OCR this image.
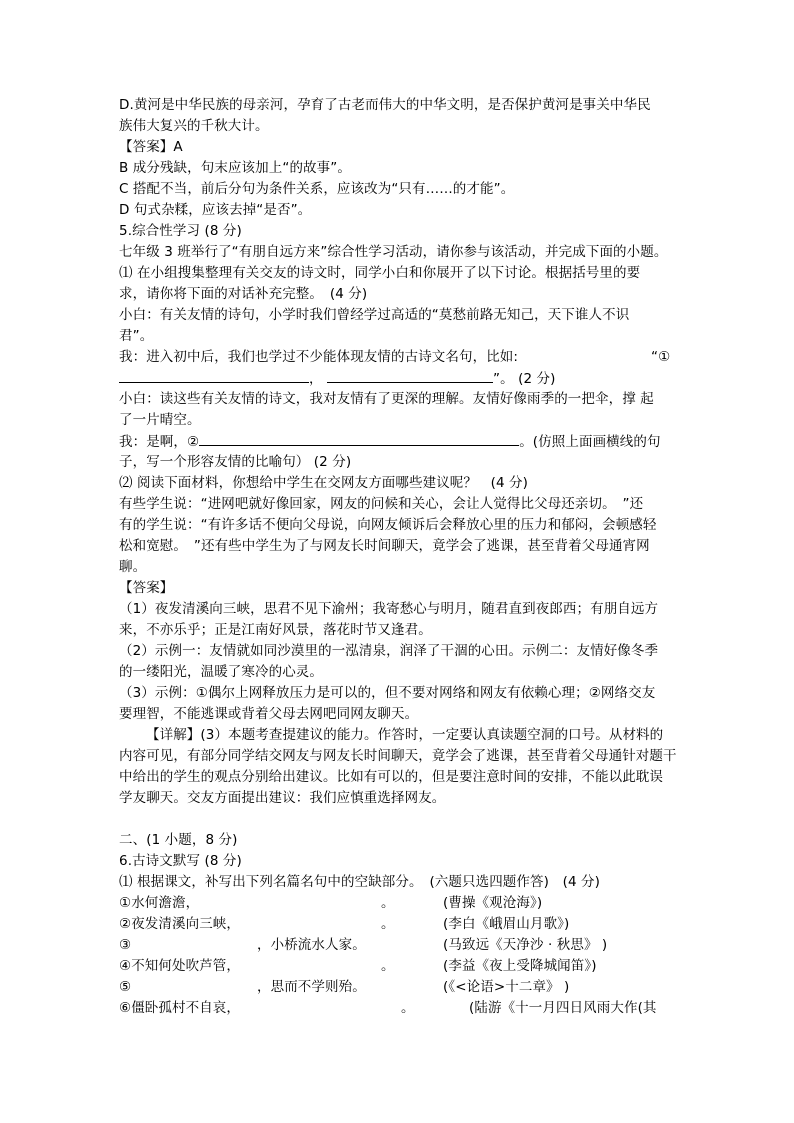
D.黄河是中华民族的母亲河，孕育了古老而伟大的中华文明，是否保护黄河是事关中华民
族伟大复兴的千秋大计。
【答案】A
B 成分残缺，句末应该加上“的故事”。
C 搭配不当，前后分句为条件关系，应该改为“只有……的才能”。
D 句式杂糅，应该去掉“是否”。
5.综合性学习 (8 分)
七年级 3 班举行了“有朋自远方来”综合性学习活动，请你参与该活动，并完成下面的小题。
⑴ 在小组搜集整理有关交友的诗文时，同学小白和你展开了以下讨论。根据括号里的要
求，请你将下面的对话补充完整。　(4 分)
小白：有关友情的诗句，小学时我们曾经学过高适的“莫愁前路无知己，天下谁人不识
君”。
我：进入初中后，我们也学过不少能体现友情的古诗文名句，比如:	“①
，	”。 (2 分)
小白：读这些有关友情的诗文，我对友情有了更深的理解。友情好像雨季的一把伞，撑 起
了一片晴空。
我：是啊，②	。(仿照上面画横线的句
子，写一个形容友情的比喻句） (2 分)
⑵ 阅读下面材料，你想给中学生在交网友方面哪些建议呢？　(4 分)
有些学生说：“进网吧就好像回家，网友的问候和关心，会让人觉得比父母还亲切。　”还
有的学生说：“有许多话不便向父母说，向网友倾诉后会释放心里的压力和郁闷，会顿感轻
松和宽慰。　”还有些中学生为了与网友长时间聊天，竟学会了逃课，甚至背着父母通宵网
聊。
【答案】
（1）夜发清溪向三峡，思君不见下渝州；我寄愁心与明月，随君直到夜郎西；有朋自远方
来，不亦乐乎；正是江南好风景，落花时节又逢君。
（2）示例一：友情就如同沙漠里的一泓清泉，润泽了干涸的心田。示例二：友情好像冬季
的一缕阳光，温暖了寒冷的心灵。
（3）示例：①偶尔上网释放压力是可以的，但不要对网络和网友有依赖心理；②网络交友
要理智，不能逃课或背着父母去网吧同网友聊天。
【详解】(3）本题考查提建议的能力。作答时，一定要认真读题空洞的口号。从材料的
内容可见，有部分同学结交网友与网友长时间聊天，竟学会了逃课，甚至背着父母通针对题干
中给出的学生的观点分别给出建议。比如有可以的，但是要注意时间的安排，不能以此耽误
学友聊天。交友方面提出建议：我们应慎重选择网友。
二、(1 小题，8 分)
6.古诗文默写 (8 分)
⑴ 根据课文，补写出下列名篇名句中的空缺部分。　(六题只选四题作答)　(4 分)
①水何澹澹，	。	(曹操《观沧海》)
②夜发清溪向三峡，	。	(李白《峨眉山月歌》)
③	，小桥流水人家。	(马致远《天净沙 · 秋思》 )
④不知何处吹芦管，	。	(李益《夜上受降城闻笛》)
⑤	，思而不学则殆。	(《<论语>十二章》 )
⑥僵卧孤村不自哀，	。	(陆游《十一月四日风雨大作(其
